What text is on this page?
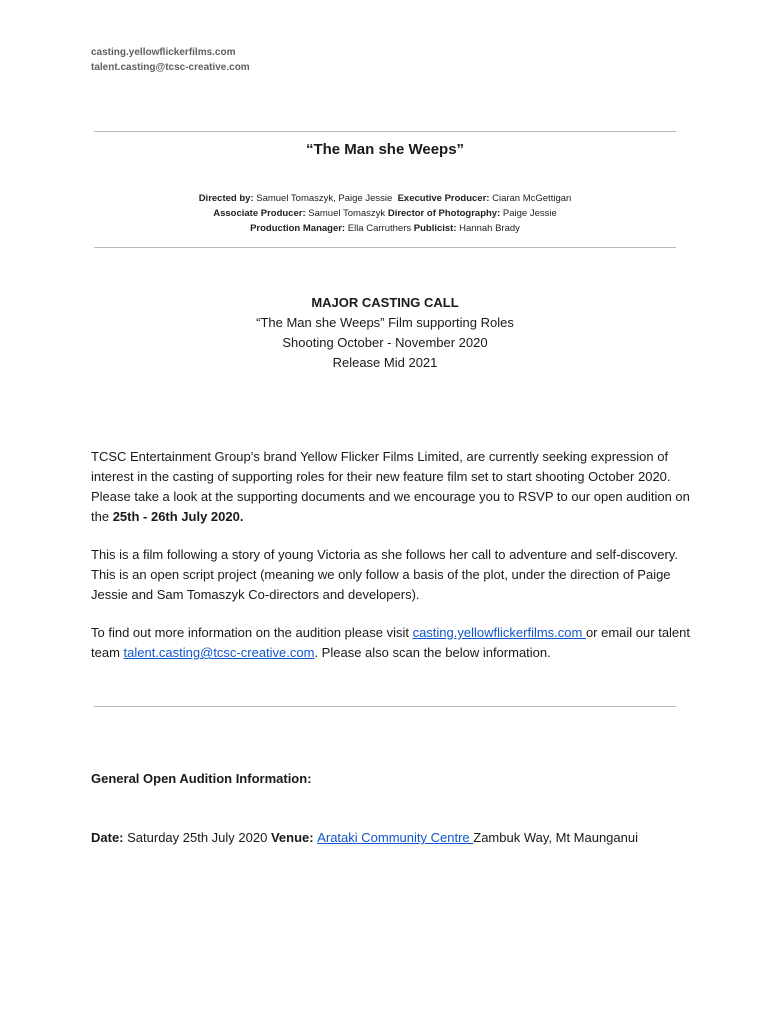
casting.yellowflickerfilms.com
talent.casting@tcsc-creative.com
“The Man she Weeps”
Directed by: Samuel Tomaszyk, Paige Jessie Executive Producer: Ciaran McGettigan
Associate Producer: Samuel Tomaszyk Director of Photography: Paige Jessie
Production Manager: Ella Carruthers Publicist: Hannah Brady
MAJOR CASTING CALL
“The Man she Weeps” Film supporting Roles
Shooting October - November 2020
Release Mid 2021
TCSC Entertainment Group’s brand Yellow Flicker Films Limited, are currently seeking expression of interest in the casting of supporting roles for their new feature film set to start shooting October 2020. Please take a look at the supporting documents and we encourage you to RSVP to our open audition on the 25th - 26th July 2020.
This is a film following a story of young Victoria as she follows her call to adventure and self-discovery. This is an open script project (meaning we only follow a basis of the plot, under the direction of Paige Jessie and Sam Tomaszyk Co-directors and developers).
To find out more information on the audition please visit casting.yellowflickerfilms.com or email our talent team talent.casting@tcsc-creative.com. Please also scan the below information.
General Open Audition Information:
Date: Saturday 25th July 2020 Venue: Arataki Community Centre Zambuk Way, Mt Maunganui
